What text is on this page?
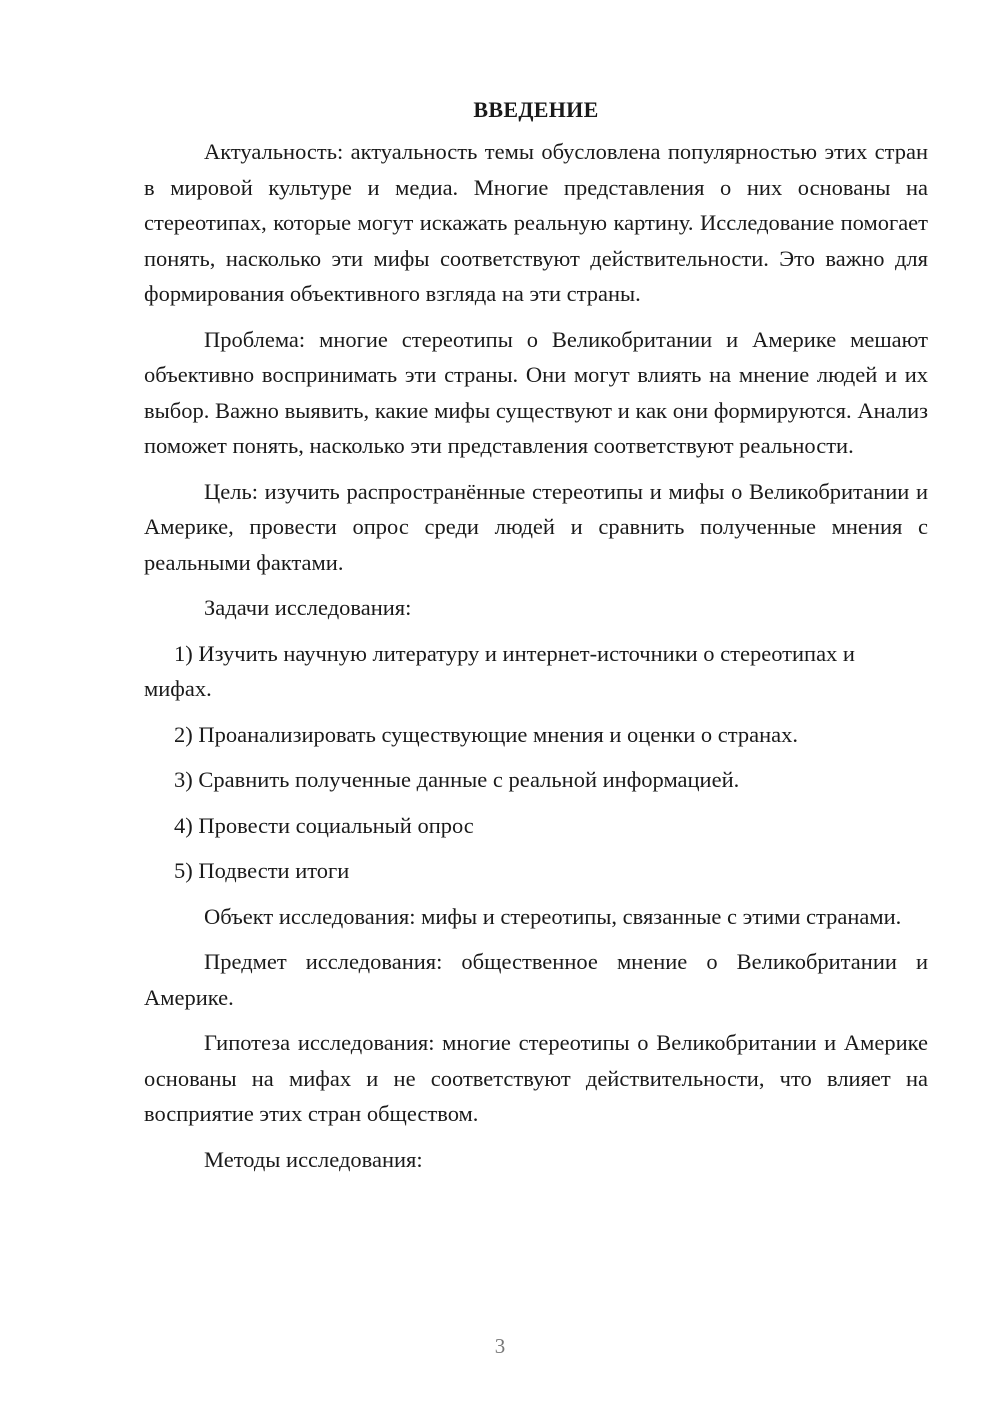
ВВЕДЕНИЕ

Актуальность: актуальность темы обусловлена популярностью этих стран в мировой культуре и медиа. Многие представления о них основаны на стереотипах, которые могут искажать реальную картину. Исследование помогает понять, насколько эти мифы соответствуют действительности. Это важно для формирования объективного взгляда на эти страны.

Проблема: многие стереотипы о Великобритании и Америке мешают объективно воспринимать эти страны. Они могут влиять на мнение людей и их выбор. Важно выявить, какие мифы существуют и как они формируются. Анализ поможет понять, насколько эти представления соответствуют реальности.

Цель: изучить распространённые стереотипы и мифы о Великобритании и Америке, провести опрос среди людей и сравнить полученные мнения с реальными фактами.

Задачи исследования:

1) Изучить научную литературу и интернет-источники о стереотипах и мифах.

2) Проанализировать существующие мнения и оценки о странах.

3) Сравнить полученные данные с реальной информацией.

4) Провести социальный опрос

5) Подвести итоги

Объект исследования: мифы и стереотипы, связанные с этими странами.

Предмет исследования: общественное мнение о Великобритании и Америке.

Гипотеза исследования: многие стереотипы о Великобритании и Америке основаны на мифах и не соответствуют действительности, что влияет на восприятие этих стран обществом.

Методы исследования:

3
